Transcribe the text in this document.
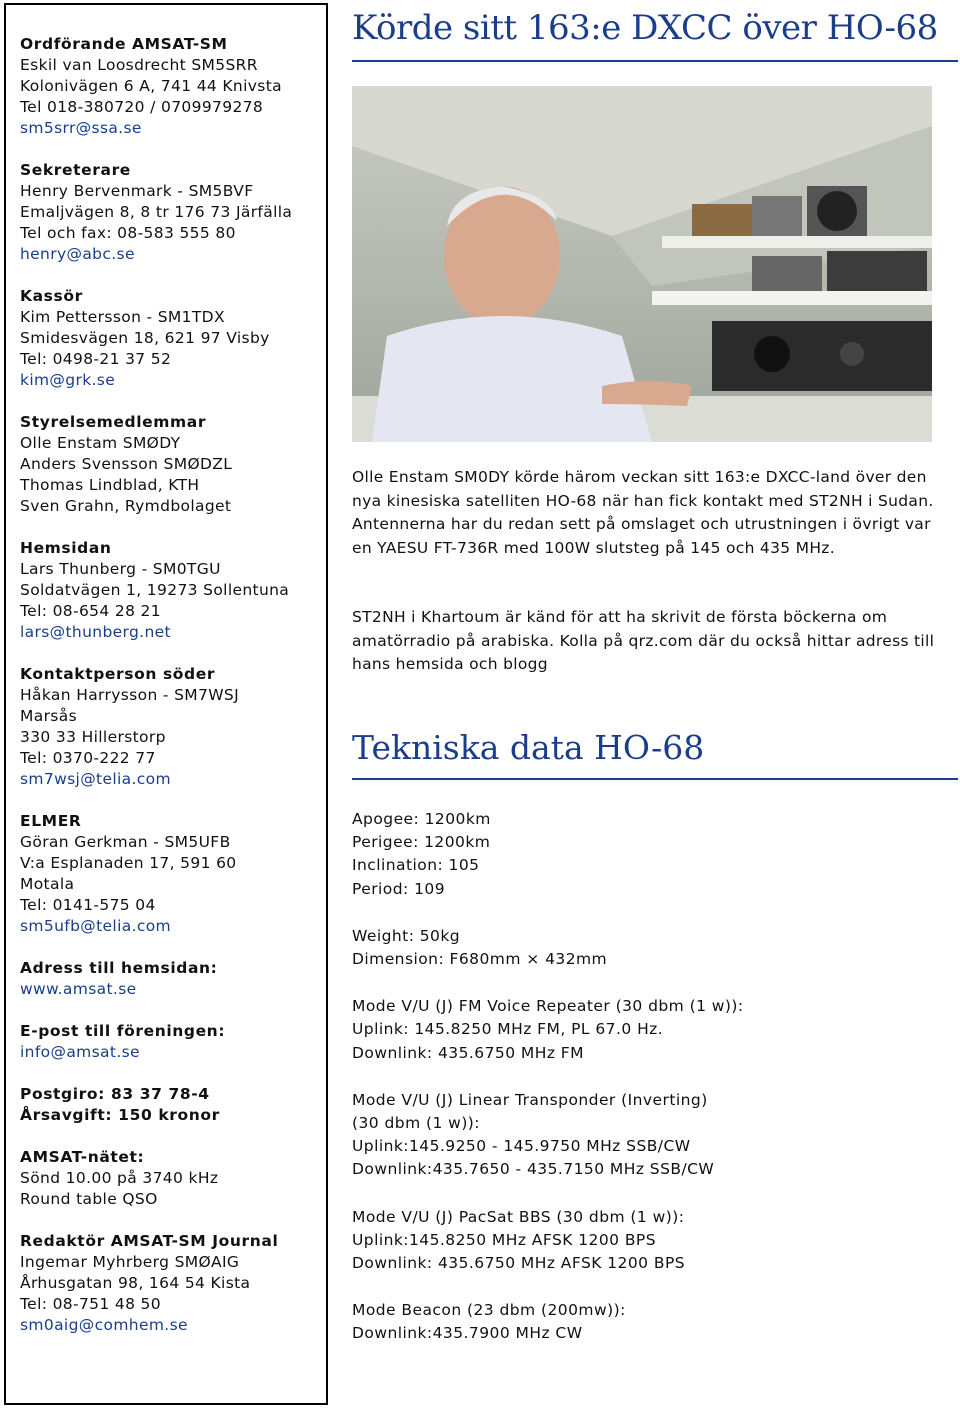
Ordförande AMSAT-SM
Eskil van Loosdrecht SM5SRR
Kolonivägen 6 A, 741 44 Knivsta
Tel 018-380720 / 0709979278
sm5srr@ssa.se
Sekreterare
Henry Bervenmark - SM5BVF
Emaljvägen 8, 8 tr 176 73 Järfälla
Tel och fax: 08-583 555 80
henry@abc.se
Kassör
Kim Pettersson - SM1TDX
Smidesvägen 18, 621 97 Visby
Tel: 0498-21 37 52
kim@grk.se
Styrelsemedlemmar
Olle Enstam SMØDY
Anders Svensson SMØDZL
Thomas Lindblad, KTH
Sven Grahn, Rymdbolaget
Hemsidan
Lars Thunberg - SM0TGU
Soldatvägen 1, 19273 Sollentuna
Tel: 08-654 28 21
lars@thunberg.net
Kontaktperson söder
Håkan Harrysson - SM7WSJ
Marsås
330 33 Hillerstorp
Tel: 0370-222 77
sm7wsj@telia.com
ELMER
Göran Gerkman - SM5UFB
V:a Esplanaden 17, 591 60
Motala
Tel: 0141-575 04
sm5ufb@telia.com
Adress till hemsidan:
www.amsat.se
E-post till föreningen:
info@amsat.se
Postgiro: 83 37 78-4
Årsavgift: 150 kronor
AMSAT-nätet:
Sönd 10.00 på 3740 kHz
Round table QSO
Redaktör AMSAT-SM Journal
Ingemar Myhrberg SMØAIG
Århusgatan 98, 164 54 Kista
Tel: 08-751 48 50
sm0aig@comhem.se
Körde sitt 163:e DXCC över HO-68
Olle Enstam SM0DY körde härom veckan sitt 163:e DXCC-land över den nya kinesiska satelliten HO-68 när han fick kontakt med ST2NH i Sudan. Antennerna har du redan sett på omslaget och utrustningen i övrigt var en YAESU FT-736R med 100W slutsteg på 145 och 435 MHz.
ST2NH i Khartoum är känd för att ha skrivit de första böckerna om amatörradio på arabiska. Kolla på qrz.com där du också hittar adress till hans hemsida och blogg
Tekniska data HO-68
Apogee: 1200km
Perigee: 1200km
Inclination: 105
Period: 109
Weight: 50kg
Dimension: F680mm × 432mm
Mode V/U (J) FM Voice Repeater (30 dbm (1 w)):
Uplink: 145.8250 MHz FM, PL 67.0 Hz.
Downlink: 435.6750 MHz FM
Mode V/U (J) Linear Transponder (Inverting)
(30 dbm (1 w)):
Uplink:145.9250 - 145.9750 MHz SSB/CW
Downlink:435.7650 - 435.7150 MHz SSB/CW
Mode V/U (J) PacSat BBS (30 dbm (1 w)):
Uplink:145.8250 MHz AFSK 1200 BPS
Downlink: 435.6750 MHz AFSK 1200 BPS
Mode Beacon (23 dbm (200mw)):
Downlink:435.7900 MHz CW
